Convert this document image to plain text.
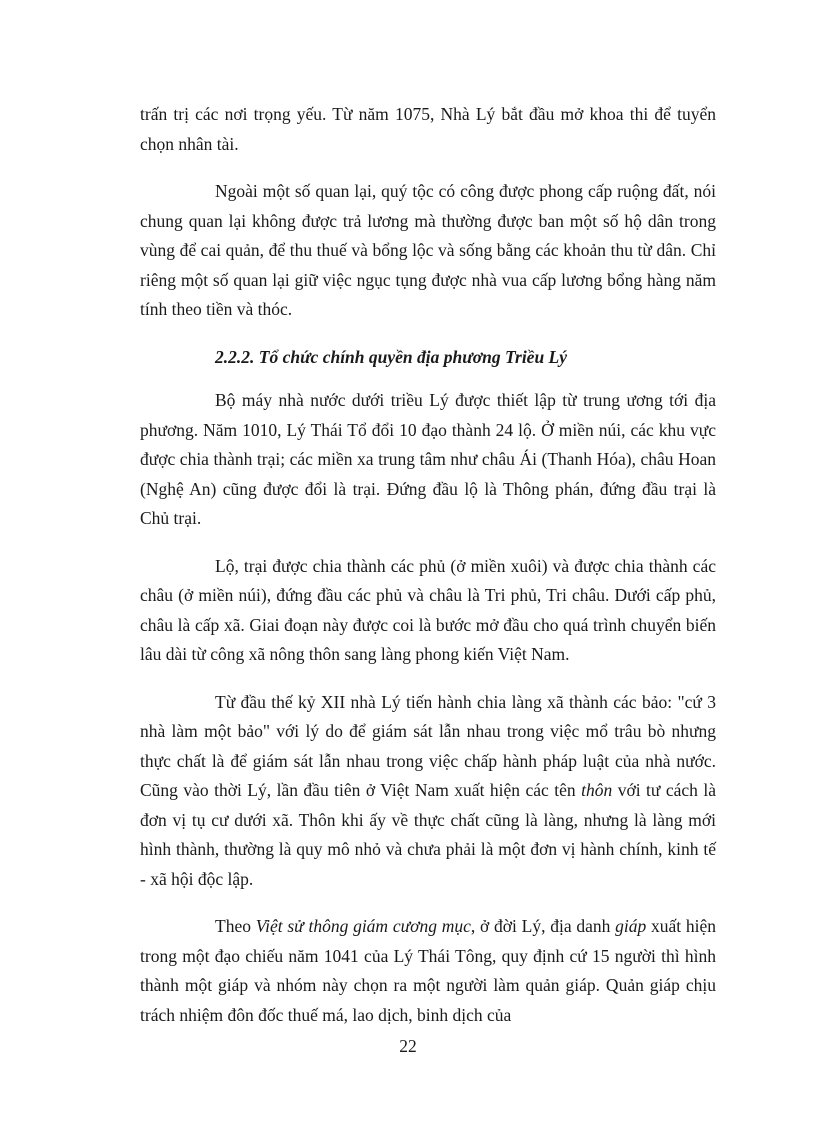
trấn trị các nơi trọng yếu. Từ năm 1075, Nhà Lý bắt đầu mở khoa thi để tuyển chọn nhân tài.

Ngoài một số quan lại, quý tộc có công được phong cấp ruộng đất, nói chung quan lại không được trả lương mà thường được ban một số hộ dân trong vùng để cai quản, để thu thuế và bổng lộc và sống bằng các khoản thu từ dân. Chỉ riêng một số quan lại giữ việc ngục tụng được nhà vua cấp lương bổng hàng năm tính theo tiền và thóc.

2.2.2. Tổ chức chính quyền địa phương Triều Lý

Bộ máy nhà nước dưới triều Lý được thiết lập từ trung ương tới địa phương. Năm 1010, Lý Thái Tổ đổi 10 đạo thành 24 lộ. Ở miền núi, các khu vực được chia thành trại; các miền xa trung tâm như châu Ái (Thanh Hóa), châu Hoan (Nghệ An) cũng được đổi là trại. Đứng đầu lộ là Thông phán, đứng đầu trại là Chủ trại.

Lộ, trại được chia thành các phủ (ở miền xuôi) và được chia thành các châu (ở miền núi), đứng đầu các phủ và châu là Tri phủ, Tri châu. Dưới cấp phủ, châu là cấp xã. Giai đoạn này được coi là bước mở đầu cho quá trình chuyển biến lâu dài từ công xã nông thôn sang làng phong kiến Việt Nam.

Từ đầu thế kỷ XII nhà Lý tiến hành chia làng xã thành các bảo: "cứ 3 nhà làm một bảo" với lý do để giám sát lẫn nhau trong việc mổ trâu bò nhưng thực chất là để giám sát lẫn nhau trong việc chấp hành pháp luật của nhà nước. Cũng vào thời Lý, lần đầu tiên ở Việt Nam xuất hiện các tên thôn với tư cách là đơn vị tụ cư dưới xã. Thôn khi ấy về thực chất cũng là làng, nhưng là làng mới hình thành, thường là quy mô nhỏ và chưa phải là một đơn vị hành chính, kinh tế - xã hội độc lập.

Theo Việt sử thông giám cương mục, ở đời Lý, địa danh giáp xuất hiện trong một đạo chiếu năm 1041 của Lý Thái Tông, quy định cứ 15 người thì hình thành một giáp và nhóm này chọn ra một người làm quản giáp. Quản giáp chịu trách nhiệm đôn đốc thuế má, lao dịch, binh dịch của

22
